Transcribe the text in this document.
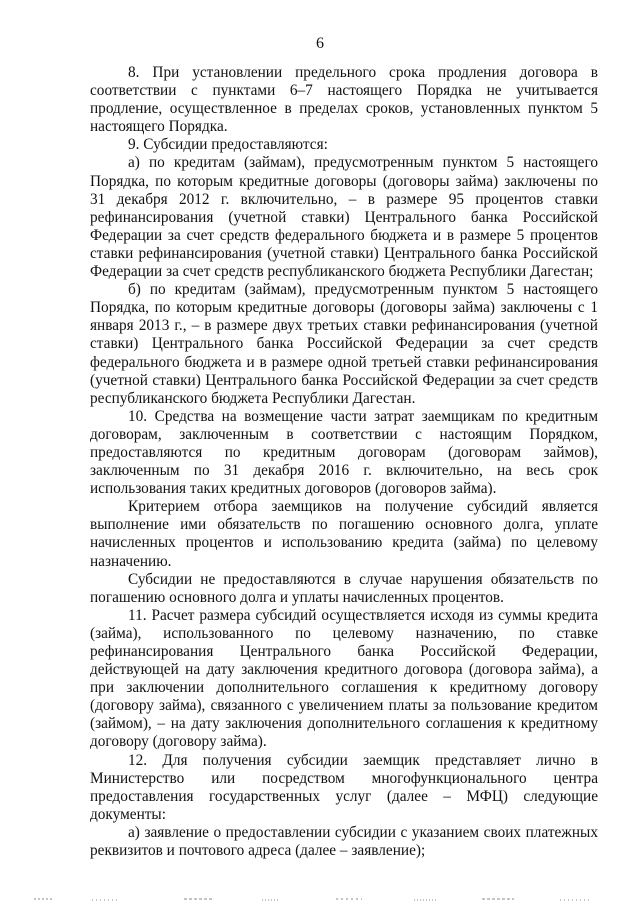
6

8. При установлении предельного срока продления договора в соответствии с пунктами 6–7 настоящего Порядка не учитывается продление, осуществленное в пределах сроков, установленных пунктом 5 настоящего Порядка.

9. Субсидии предоставляются:

а) по кредитам (займам), предусмотренным пунктом 5 настоящего Порядка, по которым кредитные договоры (договоры займа) заключены по 31 декабря 2012 г. включительно, – в размере 95 процентов ставки рефинансирования (учетной ставки) Центрального банка Российской Федерации за счет средств федерального бюджета и в размере 5 процентов ставки рефинансирования (учетной ставки) Центрального банка Российской Федерации за счет средств республиканского бюджета Республики Дагестан;

б) по кредитам (займам), предусмотренным пунктом 5 настоящего Порядка, по которым кредитные договоры (договоры займа) заключены с 1 января 2013 г., – в размере двух третьих ставки рефинансирования (учетной ставки) Центрального банка Российской Федерации за счет средств федерального бюджета и в размере одной третьей ставки рефинансирования (учетной ставки) Центрального банка Российской Федерации за счет средств республиканского бюджета Республики Дагестан.

10. Средства на возмещение части затрат заемщикам по кредитным договорам, заключенным в соответствии с настоящим Порядком, предоставляются по кредитным договорам (договорам займов), заключенным по 31 декабря 2016 г. включительно, на весь срок использования таких кредитных договоров (договоров займа).

Критерием отбора заемщиков на получение субсидий является выполнение ими обязательств по погашению основного долга, уплате начисленных процентов и использованию кредита (займа) по целевому назначению.

Субсидии не предоставляются в случае нарушения обязательств по погашению основного долга и уплаты начисленных процентов.

11. Расчет размера субсидий осуществляется исходя из суммы кредита (займа), использованного по целевому назначению, по ставке рефинансирования Центрального банка Российской Федерации, действующей на дату заключения кредитного договора (договора займа), а при заключении дополнительного соглашения к кредитному договору (договору займа), связанного с увеличением платы за пользование кредитом (займом), – на дату заключения дополнительного соглашения к кредитному договору (договору займа).

12. Для получения субсидии заемщик представляет лично в Министерство или посредством многофункционального центра предоставления государственных услуг (далее – МФЦ) следующие документы:

а) заявление о предоставлении субсидии с указанием своих платежных реквизитов и почтового адреса (далее – заявление);
